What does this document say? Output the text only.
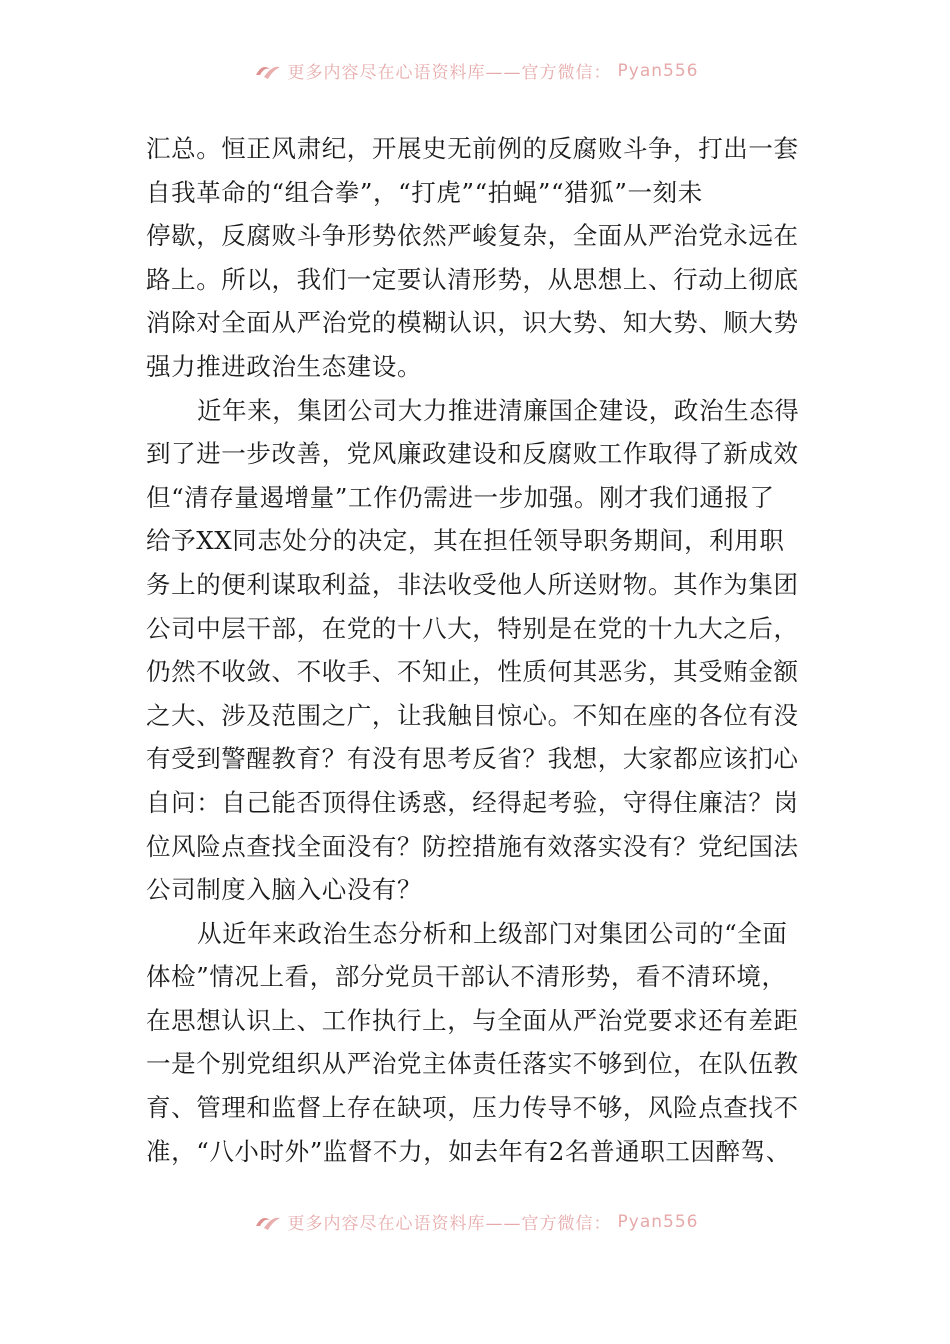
更多内容尽在心语资料库——官方微信： Pyan556
汇总。恒正风肃纪，开展史无前例的反腐败斗争，打出一套
自我革命的“组合拳”，“打虎”“拍蝇”“猎狐”一刻未
停歇，反腐败斗争形势依然严峻复杂，全面从严治党永远在
路上。所以，我们一定要认清形势，从思想上、行动上彻底
消除对全面从严治党的模糊认识，识大势、知大势、顺大势
强力推进政治生态建设。
近年来，集团公司大力推进清廉国企建设，政治生态得
到了进一步改善，党风廉政建设和反腐败工作取得了新成效
但“清存量遏增量”工作仍需进一步加强。刚才我们通报了
给予XX同志处分的决定，其在担任领导职务期间，利用职
务上的便利谋取利益，非法收受他人所送财物。其作为集团
公司中层干部，在党的十八大，特别是在党的十九大之后，
仍然不收敛、不收手、不知止，性质何其恶劣，其受贿金额
之大、涉及范围之广，让我触目惊心。不知在座的各位有没
有受到警醒教育？有没有思考反省？我想，大家都应该扪心
自问：自己能否顶得住诱惑，经得起考验，守得住廉洁？岗
位风险点查找全面没有？防控措施有效落实没有？党纪国法
公司制度入脑入心没有？
从近年来政治生态分析和上级部门对集团公司的“全面
体检”情况上看，部分党员干部认不清形势，看不清环境，
在思想认识上、工作执行上，与全面从严治党要求还有差距
一是个别党组织从严治党主体责任落实不够到位，在队伍教
育、管理和监督上存在缺项，压力传导不够，风险点查找不
准，“八小时外”监督不力，如去年有2名普通职工因醉驾、
更多内容尽在心语资料库——官方微信： Pyan556
